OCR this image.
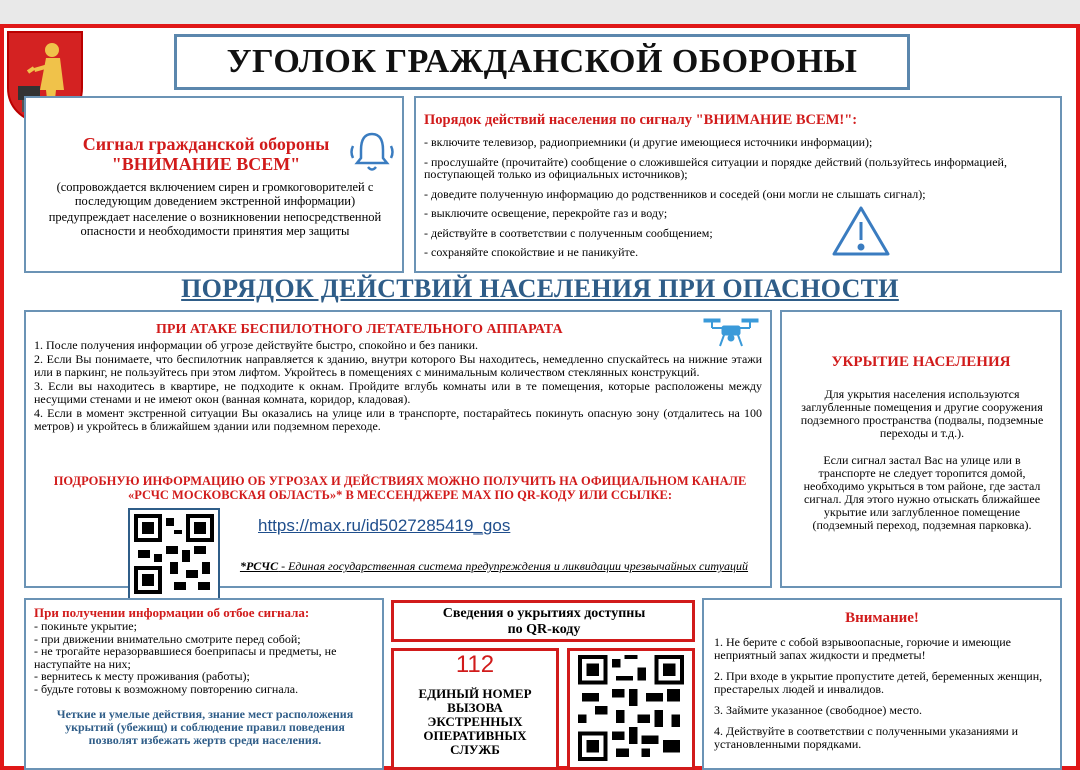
УГОЛОК ГРАЖДАНСКОЙ ОБОРОНЫ
Сигнал гражданской обороны
"ВНИМАНИЕ ВСЕМ"
(сопровождается включением сирен и громкоговорителей с последующим доведением экстренной информации)
предупреждает население о возникновении непосредственной опасности и необходимости принятия мер защиты
Порядок действий населения по сигналу "ВНИМАНИЕ ВСЕМ!":
- включите телевизор, радиоприемники (и другие имеющиеся источники информации);
- прослушайте (прочитайте) сообщение о сложившейся ситуации и порядке действий (пользуйтесь информацией, поступающей только из официальных источников);
- доведите полученную информацию до родственников и соседей (они могли не слышать сигнал);
- выключите освещение, перекройте газ и воду;
- действуйте в соответствии с полученным сообщением;
- сохраняйте спокойствие и не паникуйте.
ПОРЯДОК ДЕЙСТВИЙ НАСЕЛЕНИЯ ПРИ ОПАСНОСТИ
ПРИ АТАКЕ БЕСПИЛОТНОГО ЛЕТАТЕЛЬНОГО АППАРАТА
1. После получения информации об угрозе действуйте быстро, спокойно и без паники.
2. Если Вы понимаете, что беспилотник направляется к зданию, внутри которого Вы находитесь, немедленно спускайтесь на нижние этажи или в паркинг, не пользуйтесь при этом лифтом. Укройтесь в помещениях с минимальным количеством стеклянных конструкций.
3. Если вы находитесь в квартире, не подходите к окнам. Пройдите вглубь комнаты или в те помещения, которые расположены между несущими стенами и не имеют окон (ванная комната, коридор, кладовая).
4. Если в момент экстренной ситуации Вы оказались на улице или в транспорте, постарайтесь покинуть опасную зону (отдалитесь на 100 метров) и укройтесь в ближайшем здании или подземном переходе.
ПОДРОБНУЮ ИНФОРМАЦИЮ ОБ УГРОЗАХ И ДЕЙСТВИЯХ МОЖНО ПОЛУЧИТЬ НА ОФИЦИАЛЬНОМ КАНАЛЕ «РСЧС МОСКОВСКАЯ ОБЛАСТЬ»* В МЕССЕНДЖЕРЕ МАХ ПО QR-КОДУ ИЛИ ССЫЛКЕ:
https://max.ru/id5027285419_gos
*РСЧС - Единая государственная система предупреждения и ликвидации чрезвычайных ситуаций
УКРЫТИЕ НАСЕЛЕНИЯ
Для укрытия населения используются заглубленные помещения и другие сооружения подземного пространства (подвалы, подземные переходы и т.д.).
Если сигнал застал Вас на улице или в транспорте не следует торопится домой, необходимо укрыться в том районе, где застал сигнал. Для этого нужно отыскать ближайшее укрытие или заглубленное помещение (подземный переход, подземная парковка).
При получении информации об отбое сигнала:
- покиньте укрытие;
- при движении внимательно смотрите перед собой;
- не трогайте неразорвавшиеся боеприпасы и предметы, не наступайте на них;
- вернитесь к месту проживания (работы);
- будьте готовы к возможному повторению сигнала.
Четкие и умелые действия, знание мест расположения укрытий (убежищ) и соблюдение правил поведения позволят избежать жертв среди населения.
Сведения о укрытиях доступны по QR-коду
112
ЕДИНЫЙ НОМЕР ВЫЗОВА ЭКСТРЕННЫХ ОПЕРАТИВНЫХ СЛУЖБ
Внимание!
1. Не берите с собой взрывоопасные, горючие и имеющие неприятный запах жидкости и предметы!
2. При входе в укрытие пропустите детей, беременных женщин, престарелых людей и инвалидов.
3. Займите указанное (свободное) место.
4. Действуйте в соответствии с полученными указаниями и установленными порядками.
